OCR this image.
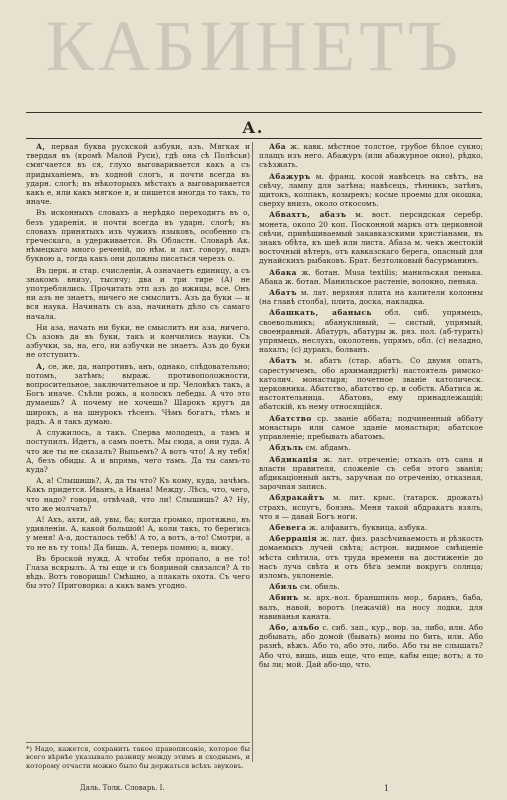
КАБИНЕТЪ
A.

А, первая буква рускской азбуки, азъ. Мягкая и твердая въ (кромѣ Малой Руси), гдѣ она сѣ Полѣсьи) смягчается въ ся, глухо выговаривается какъ а съ придыханіемъ, въ ходной слогъ, и почти всегда въ ударн. слогѣ; въ нѣкоторыхъ мѣстахъ а выговаривается какъ е, или какъ мягкое я, и пишется иногда то такъ, то иначе.

Въ исконныхъ словахъ а нерѣдко переходитъ въ о, безъ ударенія, и почти всегда въ ударн. слогѣ; въ словахъ принятыхъ изъ чужихъ языковъ, особенно съ греческаго, а удерживается. Въ Областн. Словарѣ Ак. нѣмецкаго много реченій, по нѣм. и лат. говору, надъ буквою а, тогда какъ они должны писаться черезъ о.

Въ церк. и стар. счисленіи, А означаетъ единицу, а съ знакомъ внизу, тысячу; два и три тире (А) не употреблялись. Прочитать этп азъ до ижицы, все. Онъ ни азъ не знаетъ, ничего не смыслитъ. Азъ да буки — и вся наука. Начинать съ аза, начинать дѣло съ самаго начала.

Ни аза, начать ни буки, не смыслитъ ни аза, ничего. Съ азовъ да въ буки, такъ и кончились науки. Съ азбучки, за, на, его, ни азбучки не знаетъ. Азъ до буки не отступитъ.

А, се, же, да, напротивъ, анъ, однако, слѣдовательно; потомъ, затѣмъ; выраж. противоположности, вопросительное, заключительное и пр. Человѣкъ такъ, а Богъ иначе. Съѣли рожь, а колоскъ лебеды. А что это думаешь? А почему не хочешь? Шарокъ кругъ да широкъ, а на шнурокъ тѣсенъ. Чѣмъ богатъ, тѣмъ и радъ. А я такъ думаю.

А служилось, a такъ. Сперва молодецъ, а тамъ и поступилъ. Идетъ, а самъ поетъ. Мы сюда, а они туда. А что же ты не сказалъ? Выпьемъ? А вотъ что! А ну тебя! А, безъ обиды. А и впрямь, чего тамъ. Да ты самъ-то куда?

А, а! Слышишь?, А, да ты что? Къ кому, куда, зачѣмъ. Какъ придется. Иванъ, а Ивана! Между. Лѣсь, что, чего, что надо? говоря, отвѣчай, что ли! Слышишь? А? Ну, что же молчать?

А! Ахъ, ахти, ай, увы, ба; когда громко, протяжно, въ удивленіи. А, какой большой! А, коли такъ, то берегись у меня! А-а, досталось тебѣ! А то, а вотъ, а-то! Смотри, а то не въ ту топь! Да бишь. А, теперь помню; а, вижу.

Въ броской нужд. А чтобы тебя пропало, а не то! Глаза вскрылъ. А ты еще и съ бояриной связался? А то вѣдь. Вотъ говоришь! Смѣшно, а плакать охота. Съ чего бы это? Приговорка: а какъ вамъ угодно.

Аба ж. кавк. мѣстное толстое, грубое бѣлое сукно; плащъ изъ него. Абажуръ (или абажурное окно), рѣдко, съѣзжать.

Абажуръ м. франц. косой навѣсецъ на свѣтъ, на свѣчу, лампу для затѣна; навѣсецъ, тѣнникъ, затѣнъ, щитокъ, колпакъ, козырекъ; косые проемы для окошка, сверху внизъ, около откосомъ.

Абвахтъ, абазъ м. вост. персидская серебр. монета, около 20 коп. Посконной маркъ отъ церковной свѣчи, привѣшиваемый закавказскими христіанами, въ знакъ обѣта, къ шеѣ или листа. Абаза м. чекъ жестокій восточный вѣтеръ, отъ кавказскаго берега, опасный для дунайскихъ рыбаковъ. Брат. безтолковый басурманинъ.

Абака ж. ботан. Musa textilis; манильская пенька. Абака ж. ботан. Манильское растеніе, волокно, пенька.

Абатъ м. лат. верхняя плита на капители колонны (на главѣ столба), плита, доска, накладка.

Абашкать, абанысь обл. сиб. упрямецъ, своевольникъ; абанукливый, — систый, упрямый, своенравный. Абатуръ, абатуры ж. ряз. пол. (аб-турить) упрямецъ, неслухъ, околотень, упрямъ, обл. (с) неладно, нахалъ; (с) дуракъ, болванъ.

Абатъ м. абатъ (стар. абатъ. Со двумя опатъ, сарестумчемъ, обо архимандритѣ) настоятель римско-католич. монастыря; почетное званіе католическ. церковника. Абатство, абатство ср. и собств. Абатиса ж. настоятельница. Абатовъ, ему принадлежащій; абатскій, къ нему относящійся.

Абатство ср. званіе аббата; подчиненный аббату монастырь или самое зданіе монастыря; абатское управленіе; пребывать абатомъ.

Абдъль см. абдамъ.

Абдикація ж. лат. отреченіе; отказъ отъ сана и власти правителя, сложеніе съ себя этого званія; абдикаціонный актъ, заручная по отреченію, отказная, зарочная запись.

Абдракайтъ м. лит. крыс. (татарск. дрожать) страхъ, испугъ, боязнь. Меня такой абдракатъ взялъ, что я — давай Богъ ноги.

Абевега ж. алфавитъ, буквица, азбука.

Аберрація ж. лат. физ. разсѣчиваемость и рѣзкость домаемыхъ лучей свѣта; астрон. видимое смѣщеніе мѣста свѣтила, отъ труда времени на достиженіе до насъ луча свѣта и отъ бѣга земли вокругъ солнца; изломъ, уклоненіе.

Абиль см. обиль.

Абинъ м. арх.-вол. браншпиль мор., баранъ, баба, валъ, навой, воротъ (лежачій) на носу лодки, для навиванья каната.

Або, альбо с. сиб. зап., кур., вор. за, либо, или. Або добывать, або домой (бывать) моны по бить, или. Або разнѣ, вѣжъ. Або то, або это, либо. Або ты не слышать? Або что, вишь, ишь еще, что еще, кабы еще; вотъ; а то бы ли; мой. Дай або-що, что.

*) Надо, кажется, сохранить такое правописаніе, которое бы всего вѣрнѣе указывало разницу между этимъ и сходнымъ, и которому отчасти можно было бы держаться всѣхъ звуковъ.
Даль. Толк. Словарь. I.	1
